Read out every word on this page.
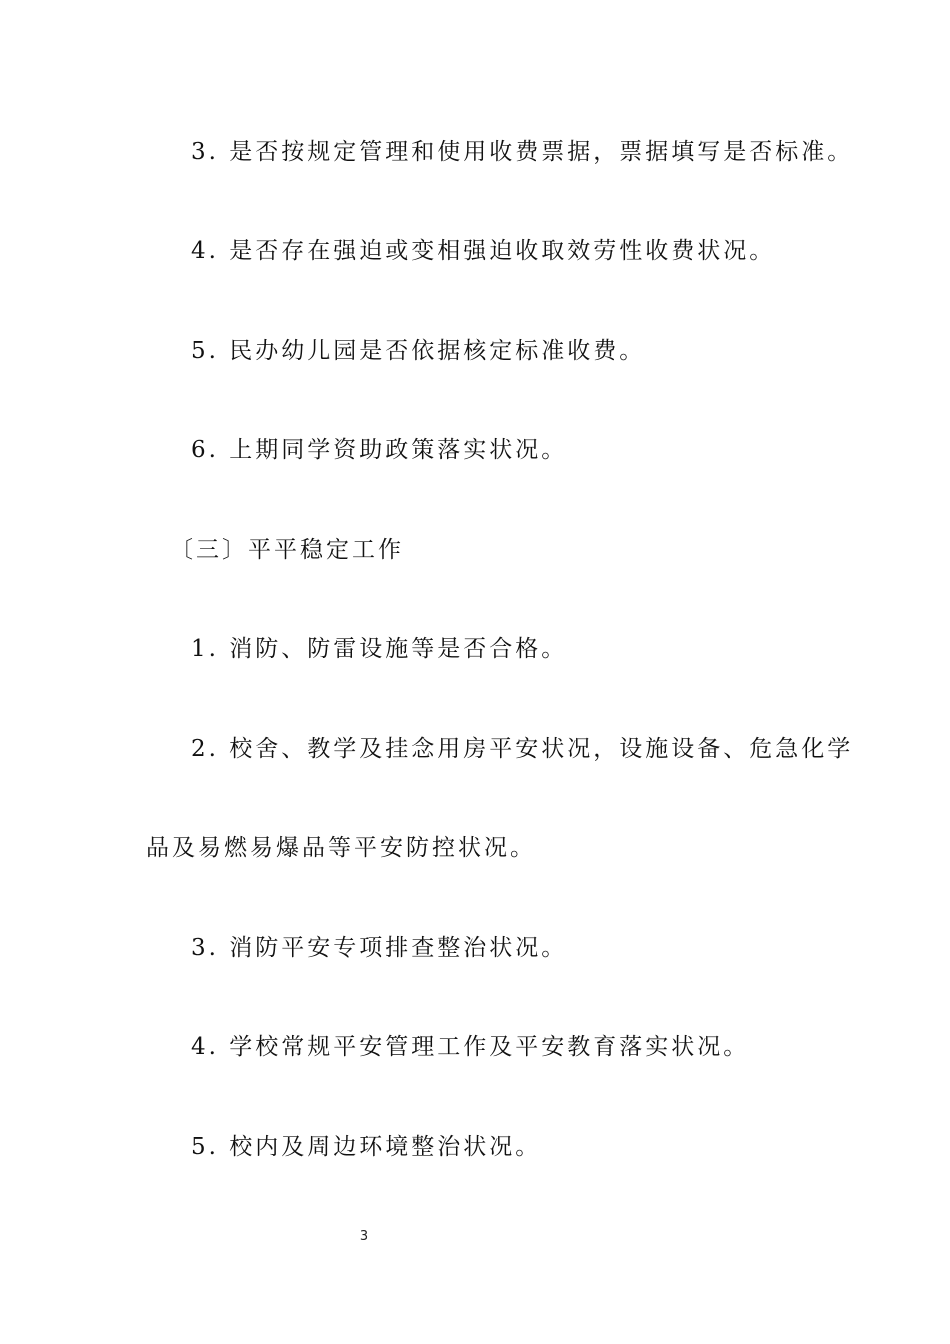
3. 是否按规定管理和使用收费票据，票据填写是否标准。
4. 是否存在强迫或变相强迫收取效劳性收费状况。
5. 民办幼儿园是否依据核定标准收费。
6. 上期同学资助政策落实状况。
〔三〕平平稳定工作
1. 消防、防雷设施等是否合格。
2. 校舍、教学及挂念用房平安状况，设施设备、危急化学
品及易燃易爆品等平安防控状况。
3. 消防平安专项排查整治状况。
4. 学校常规平安管理工作及平安教育落实状况。
5. 校内及周边环境整治状况。
3
